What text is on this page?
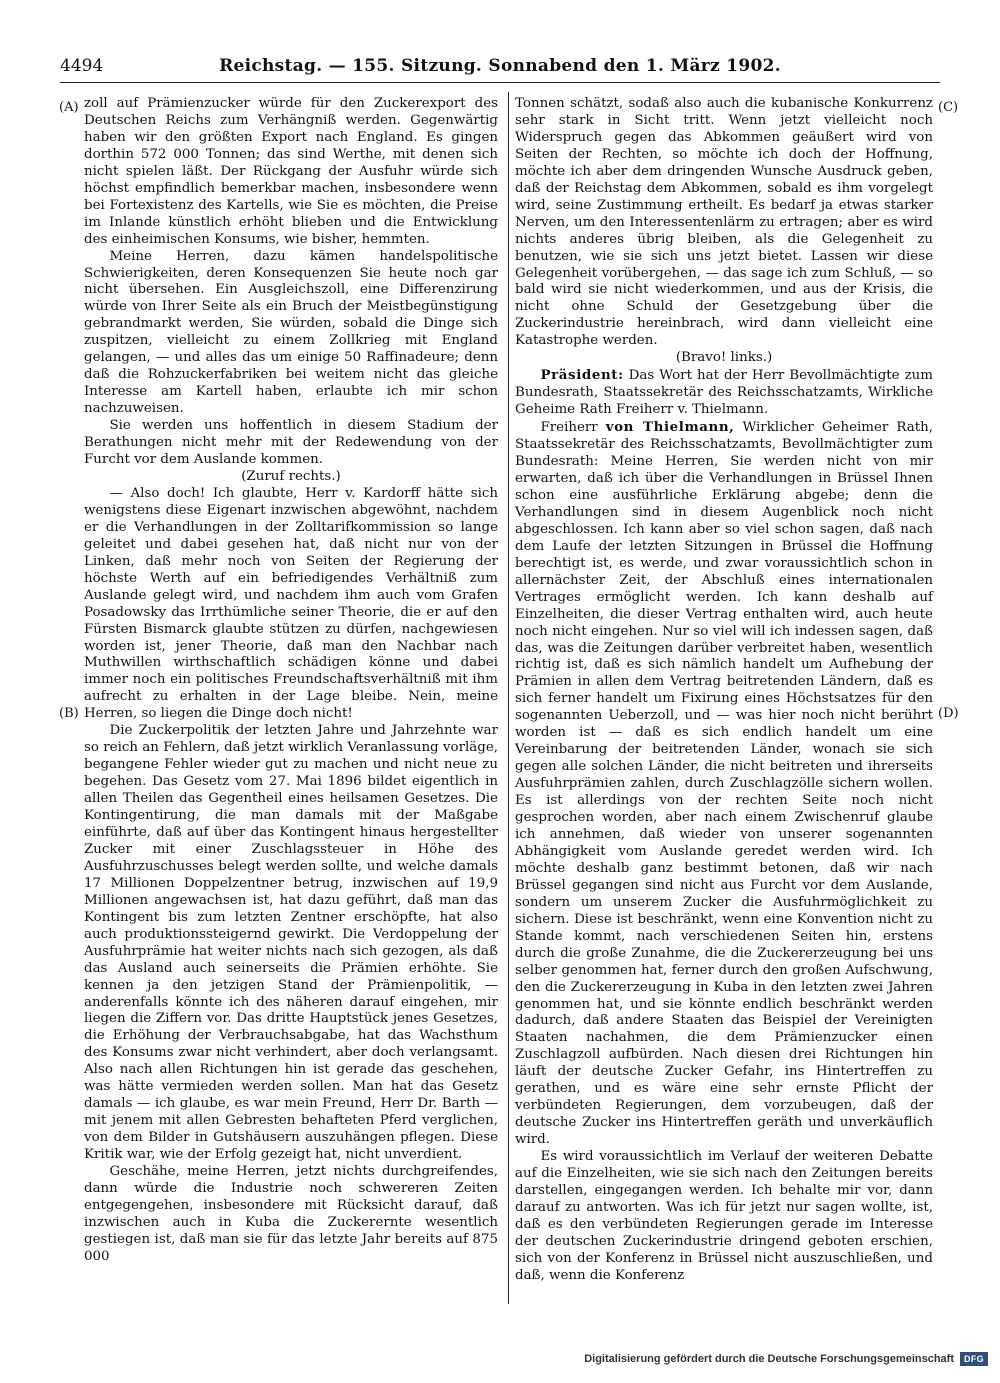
4494	Reichstag. — 155. Sitzung. Sonnabend den 1. März 1902.
(A)
(B)
(C)
(D)

zoll auf Prämienzucker würde für den Zuckerexport des Deutschen Reichs zum Verhängniß werden. Gegenwärtig haben wir den größten Export nach England. Es gingen dorthin 572 000 Tonnen; das sind Werthe, mit denen sich nicht spielen läßt. Der Rückgang der Ausfuhr würde sich höchst empfindlich bemerkbar machen, insbesondere wenn bei Fortexistenz des Kartells, wie Sie es möchten, die Preise im Inlande künstlich erhöht blieben und die Entwicklung des einheimischen Konsums, wie bisher, hemmten.

Meine Herren, dazu kämen handelspolitische Schwierigkeiten, deren Konsequenzen Sie heute noch gar nicht übersehen. Ein Ausgleichszoll, eine Differenzirung würde von Ihrer Seite als ein Bruch der Meistbegünstigung gebrandmarkt werden, Sie würden, sobald die Dinge sich zuspitzen, vielleicht zu einem Zollkrieg mit England gelangen, — und alles das um einige 50 Raffinadeure; denn daß die Rohzuckerfabriken bei weitem nicht das gleiche Interesse am Kartell haben, erlaubte ich mir schon nachzuweisen.

Sie werden uns hoffentlich in diesem Stadium der Berathungen nicht mehr mit der Redewendung von der Furcht vor dem Auslande kommen.

(Zuruf rechts.)

— Also doch! Ich glaubte, Herr v. Kardorff hätte sich wenigstens diese Eigenart inzwischen abgewöhnt, nachdem er die Verhandlungen in der Zolltarifkommission so lange geleitet und dabei gesehen hat, daß nicht nur von der Linken, daß mehr noch von Seiten der Regierung der höchste Werth auf ein befriedigendes Verhältniß zum Auslande gelegt wird, und nachdem ihm auch vom Grafen Posadowsky das Irrthümliche seiner Theorie, die er auf den Fürsten Bismarck glaubte stützen zu dürfen, nachgewiesen worden ist, jener Theorie, daß man den Nachbar nach Muthwillen wirthschaftlich schädigen könne und dabei immer noch ein politisches Freundschaftsverhältniß mit ihm aufrecht zu erhalten in der Lage bleibe. Nein, meine Herren, so liegen die Dinge doch nicht!

Die Zuckerpolitik der letzten Jahre und Jahrzehnte war so reich an Fehlern, daß jetzt wirklich Veranlassung vorläge, begangene Fehler wieder gut zu machen und nicht neue zu begehen. Das Gesetz vom 27. Mai 1896 bildet eigentlich in allen Theilen das Gegentheil eines heilsamen Gesetzes. Die Kontingentirung, die man damals mit der Maßgabe einführte, daß auf über das Kontingent hinaus hergestellter Zucker mit einer Zuschlagssteuer in Höhe des Ausfuhrzuschusses belegt werden sollte, und welche damals 17 Millionen Doppelzentner betrug, inzwischen auf 19,9 Millionen angewachsen ist, hat dazu geführt, daß man das Kontingent bis zum letzten Zentner erschöpfte, hat also auch produktionssteigernd gewirkt. Die Verdoppelung der Ausfuhrprämie hat weiter nichts nach sich gezogen, als daß das Ausland auch seinerseits die Prämien erhöhte. Sie kennen ja den jetzigen Stand der Prämienpolitik, — anderenfalls könnte ich des näheren darauf eingehen, mir liegen die Ziffern vor. Das dritte Hauptstück jenes Gesetzes, die Erhöhung der Verbrauchsabgabe, hat das Wachsthum des Konsums zwar nicht verhindert, aber doch verlangsamt. Also nach allen Richtungen hin ist gerade das geschehen, was hätte vermieden werden sollen. Man hat das Gesetz damals — ich glaube, es war mein Freund, Herr Dr. Barth — mit jenem mit allen Gebresten behafteten Pferd verglichen, von dem Bilder in Gutshäusern auszuhängen pflegen. Diese Kritik war, wie der Erfolg gezeigt hat, nicht unverdient.

Geschähe, meine Herren, jetzt nichts durchgreifendes, dann würde die Industrie noch schwereren Zeiten entgegengehen, insbesondere mit Rücksicht darauf, daß inzwischen auch in Kuba die Zuckerernte wesentlich gestiegen ist, daß man sie für das letzte Jahr bereits auf 875 000

Tonnen schätzt, sodaß also auch die kubanische Konkurrenz sehr stark in Sicht tritt. Wenn jetzt vielleicht noch Widerspruch gegen das Abkommen geäußert wird von Seiten der Rechten, so möchte ich doch der Hoffnung, möchte ich aber dem dringenden Wunsche Ausdruck geben, daß der Reichstag dem Abkommen, sobald es ihm vorgelegt wird, seine Zustimmung ertheilt. Es bedarf ja etwas starker Nerven, um den Interessentenlärm zu ertragen; aber es wird nichts anderes übrig bleiben, als die Gelegenheit zu benutzen, wie sie sich uns jetzt bietet. Lassen wir diese Gelegenheit vorübergehen, — das sage ich zum Schluß, — so bald wird sie nicht wiederkommen, und aus der Krisis, die nicht ohne Schuld der Gesetzgebung über die Zuckerindustrie hereinbrach, wird dann vielleicht eine Katastrophe werden.

(Bravo! links.)

Präsident: Das Wort hat der Herr Bevollmächtigte zum Bundesrath, Staatssekretär des Reichsschatzamts, Wirkliche Geheime Rath Freiherr v. Thielmann.

Freiherr von Thielmann, Wirklicher Geheimer Rath, Staatssekretär des Reichsschatzamts, Bevollmächtigter zum Bundesrath: Meine Herren, Sie werden nicht von mir erwarten, daß ich über die Verhandlungen in Brüssel Ihnen schon eine ausführliche Erklärung abgebe; denn die Verhandlungen sind in diesem Augenblick noch nicht abgeschlossen. Ich kann aber so viel schon sagen, daß nach dem Laufe der letzten Sitzungen in Brüssel die Hoffnung berechtigt ist, es werde, und zwar voraussichtlich schon in allernächster Zeit, der Abschluß eines internationalen Vertrages ermöglicht werden. Ich kann deshalb auf Einzelheiten, die dieser Vertrag enthalten wird, auch heute noch nicht eingehen. Nur so viel will ich indessen sagen, daß das, was die Zeitungen darüber verbreitet haben, wesentlich richtig ist, daß es sich nämlich handelt um Aufhebung der Prämien in allen dem Vertrag beitretenden Ländern, daß es sich ferner handelt um Fixirung eines Höchstsatzes für den sogenannten Ueberzoll, und — was hier noch nicht berührt worden ist — daß es sich endlich handelt um eine Vereinbarung der beitretenden Länder, wonach sie sich gegen alle solchen Länder, die nicht beitreten und ihrerseits Ausfuhrprämien zahlen, durch Zuschlagzölle sichern wollen. Es ist allerdings von der rechten Seite noch nicht gesprochen worden, aber nach einem Zwischenruf glaube ich annehmen, daß wieder von unserer sogenannten Abhängigkeit vom Auslande geredet werden wird. Ich möchte deshalb ganz bestimmt betonen, daß wir nach Brüssel gegangen sind nicht aus Furcht vor dem Auslande, sondern um unserem Zucker die Ausfuhrmöglichkeit zu sichern. Diese ist beschränkt, wenn eine Konvention nicht zu Stande kommt, nach verschiedenen Seiten hin, erstens durch die große Zunahme, die die Zuckererzeugung bei uns selber genommen hat, ferner durch den großen Aufschwung, den die Zuckererzeugung in Kuba in den letzten zwei Jahren genommen hat, und sie könnte endlich beschränkt werden dadurch, daß andere Staaten das Beispiel der Vereinigten Staaten nachahmen, die dem Prämienzucker einen Zuschlagzoll aufbürden. Nach diesen drei Richtungen hin läuft der deutsche Zucker Gefahr, ins Hintertreffen zu gerathen, und es wäre eine sehr ernste Pflicht der verbündeten Regierungen, dem vorzubeugen, daß der deutsche Zucker ins Hintertreffen geräth und unverkäuflich wird.

Es wird voraussichtlich im Verlauf der weiteren Debatte auf die Einzelheiten, wie sie sich nach den Zeitungen bereits darstellen, eingegangen werden. Ich behalte mir vor, dann darauf zu antworten. Was ich für jetzt nur sagen wollte, ist, daß es den verbündeten Regierungen gerade im Interesse der deutschen Zuckerindustrie dringend geboten erschien, sich von der Konferenz in Brüssel nicht auszuschließen, und daß, wenn die Konferenz

Digitalisierung gefördert durch die Deutsche Forschungsgemeinschaft	DFG
